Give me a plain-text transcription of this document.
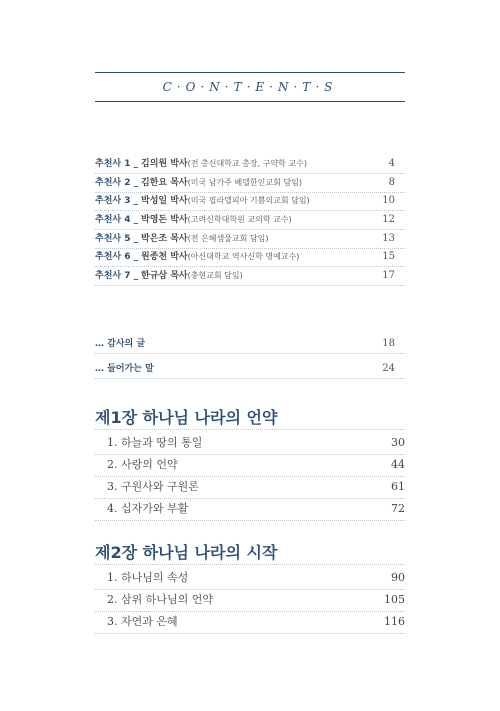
C·O·N·T·E·N·T·S
추천사 1 _ 김의원 박사(전 총신대학교 총장, 구약학 교수)	4
추천사 2 _ 김한요 목사(미국 남가주 베델한인교회 담임)	8
추천사 3 _ 박성일 박사(미국 필라델피아 기쁨의교회 담임)	10
추천사 4 _ 박영돈 박사(고려신학대학원 교의학 교수)	12
추천사 5 _ 박은조 목사(전 은혜샘물교회 담임)	13
추천사 6 _ 원종천 박사(아신대학교 역사신학 명예교수)	15
추천사 7 _ 한규삼 목사(충현교회 담임)	17
… 감사의 글	18
… 들어가는 말	24
제1장 하나님 나라의 언약
1. 하늘과 땅의 통일	30
2. 사랑의 언약	44
3. 구원사와 구원론	61
4. 십자가와 부활	72
제2장 하나님 나라의 시작
1. 하나님의 속성	90
2. 삼위 하나님의 언약	105
3. 자연과 은혜	116
